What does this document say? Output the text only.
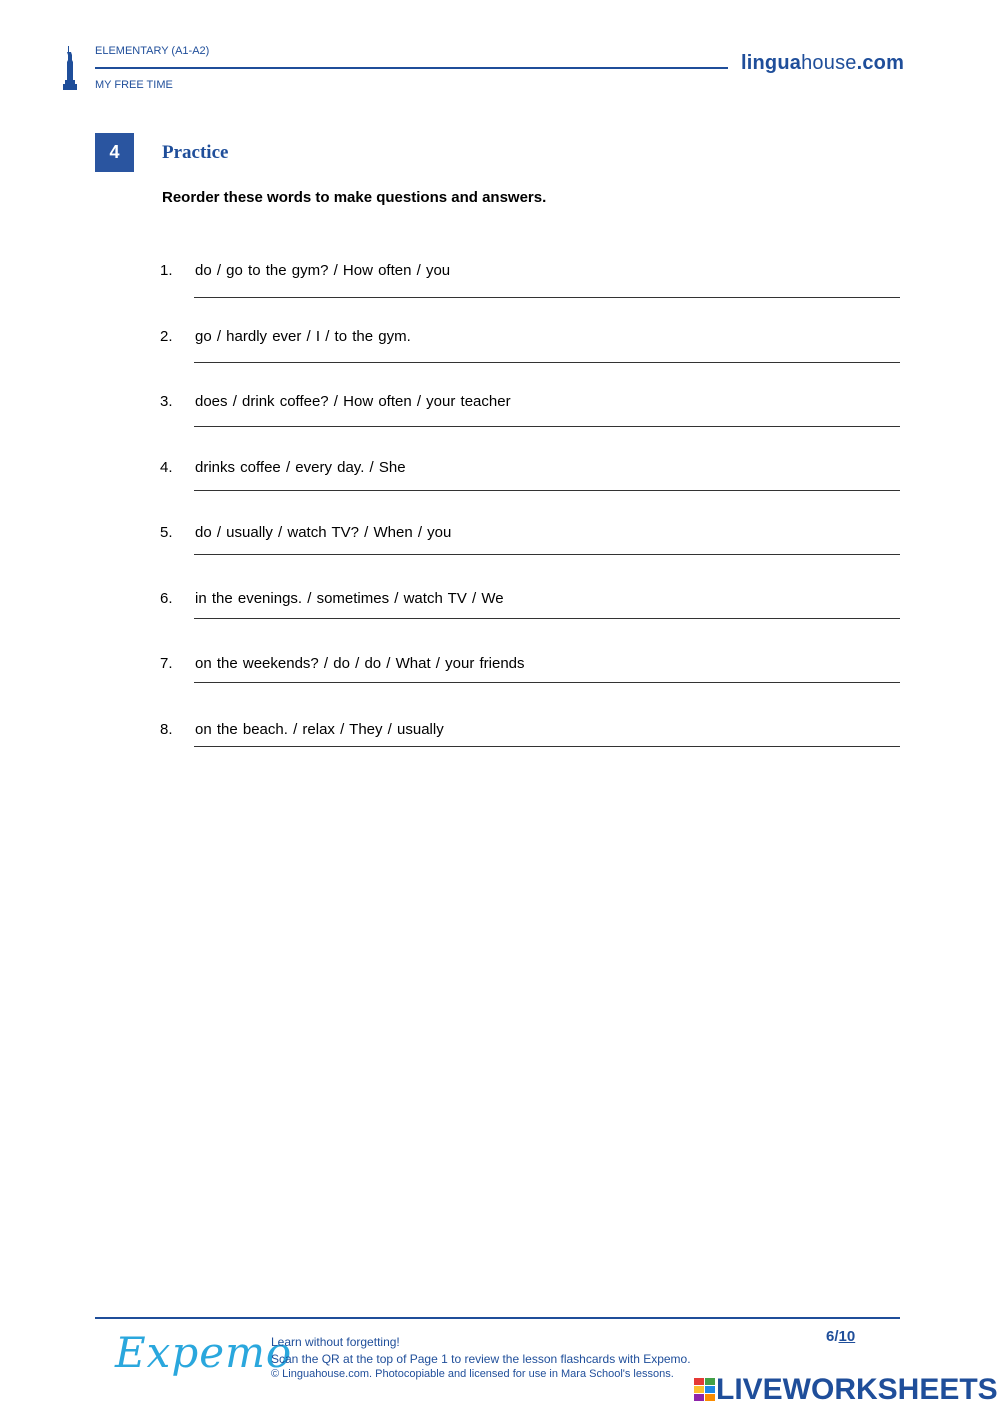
ELEMENTARY (A1-A2)
MY FREE TIME
linguahouse.com
4	Practice
Reorder these words to make questions and answers.
1. do / go to the gym? / How often / you
2. go / hardly ever / I / to the gym.
3. does / drink coffee? / How often / your teacher
4. drinks coffee / every day. / She
5. do / usually / watch TV? / When / you
6. in the evenings. / sometimes / watch TV / We
7. on the weekends? / do / do / What / your friends
8. on the beach. / relax / They / usually
Expemo
Learn without forgetting!
Scan the QR at the top of Page 1 to review the lesson flashcards with Expemo.
© Linguahouse.com. Photocopiable and licensed for use in Mara School's lessons.
6/10
LIVEWORKSHEETS
